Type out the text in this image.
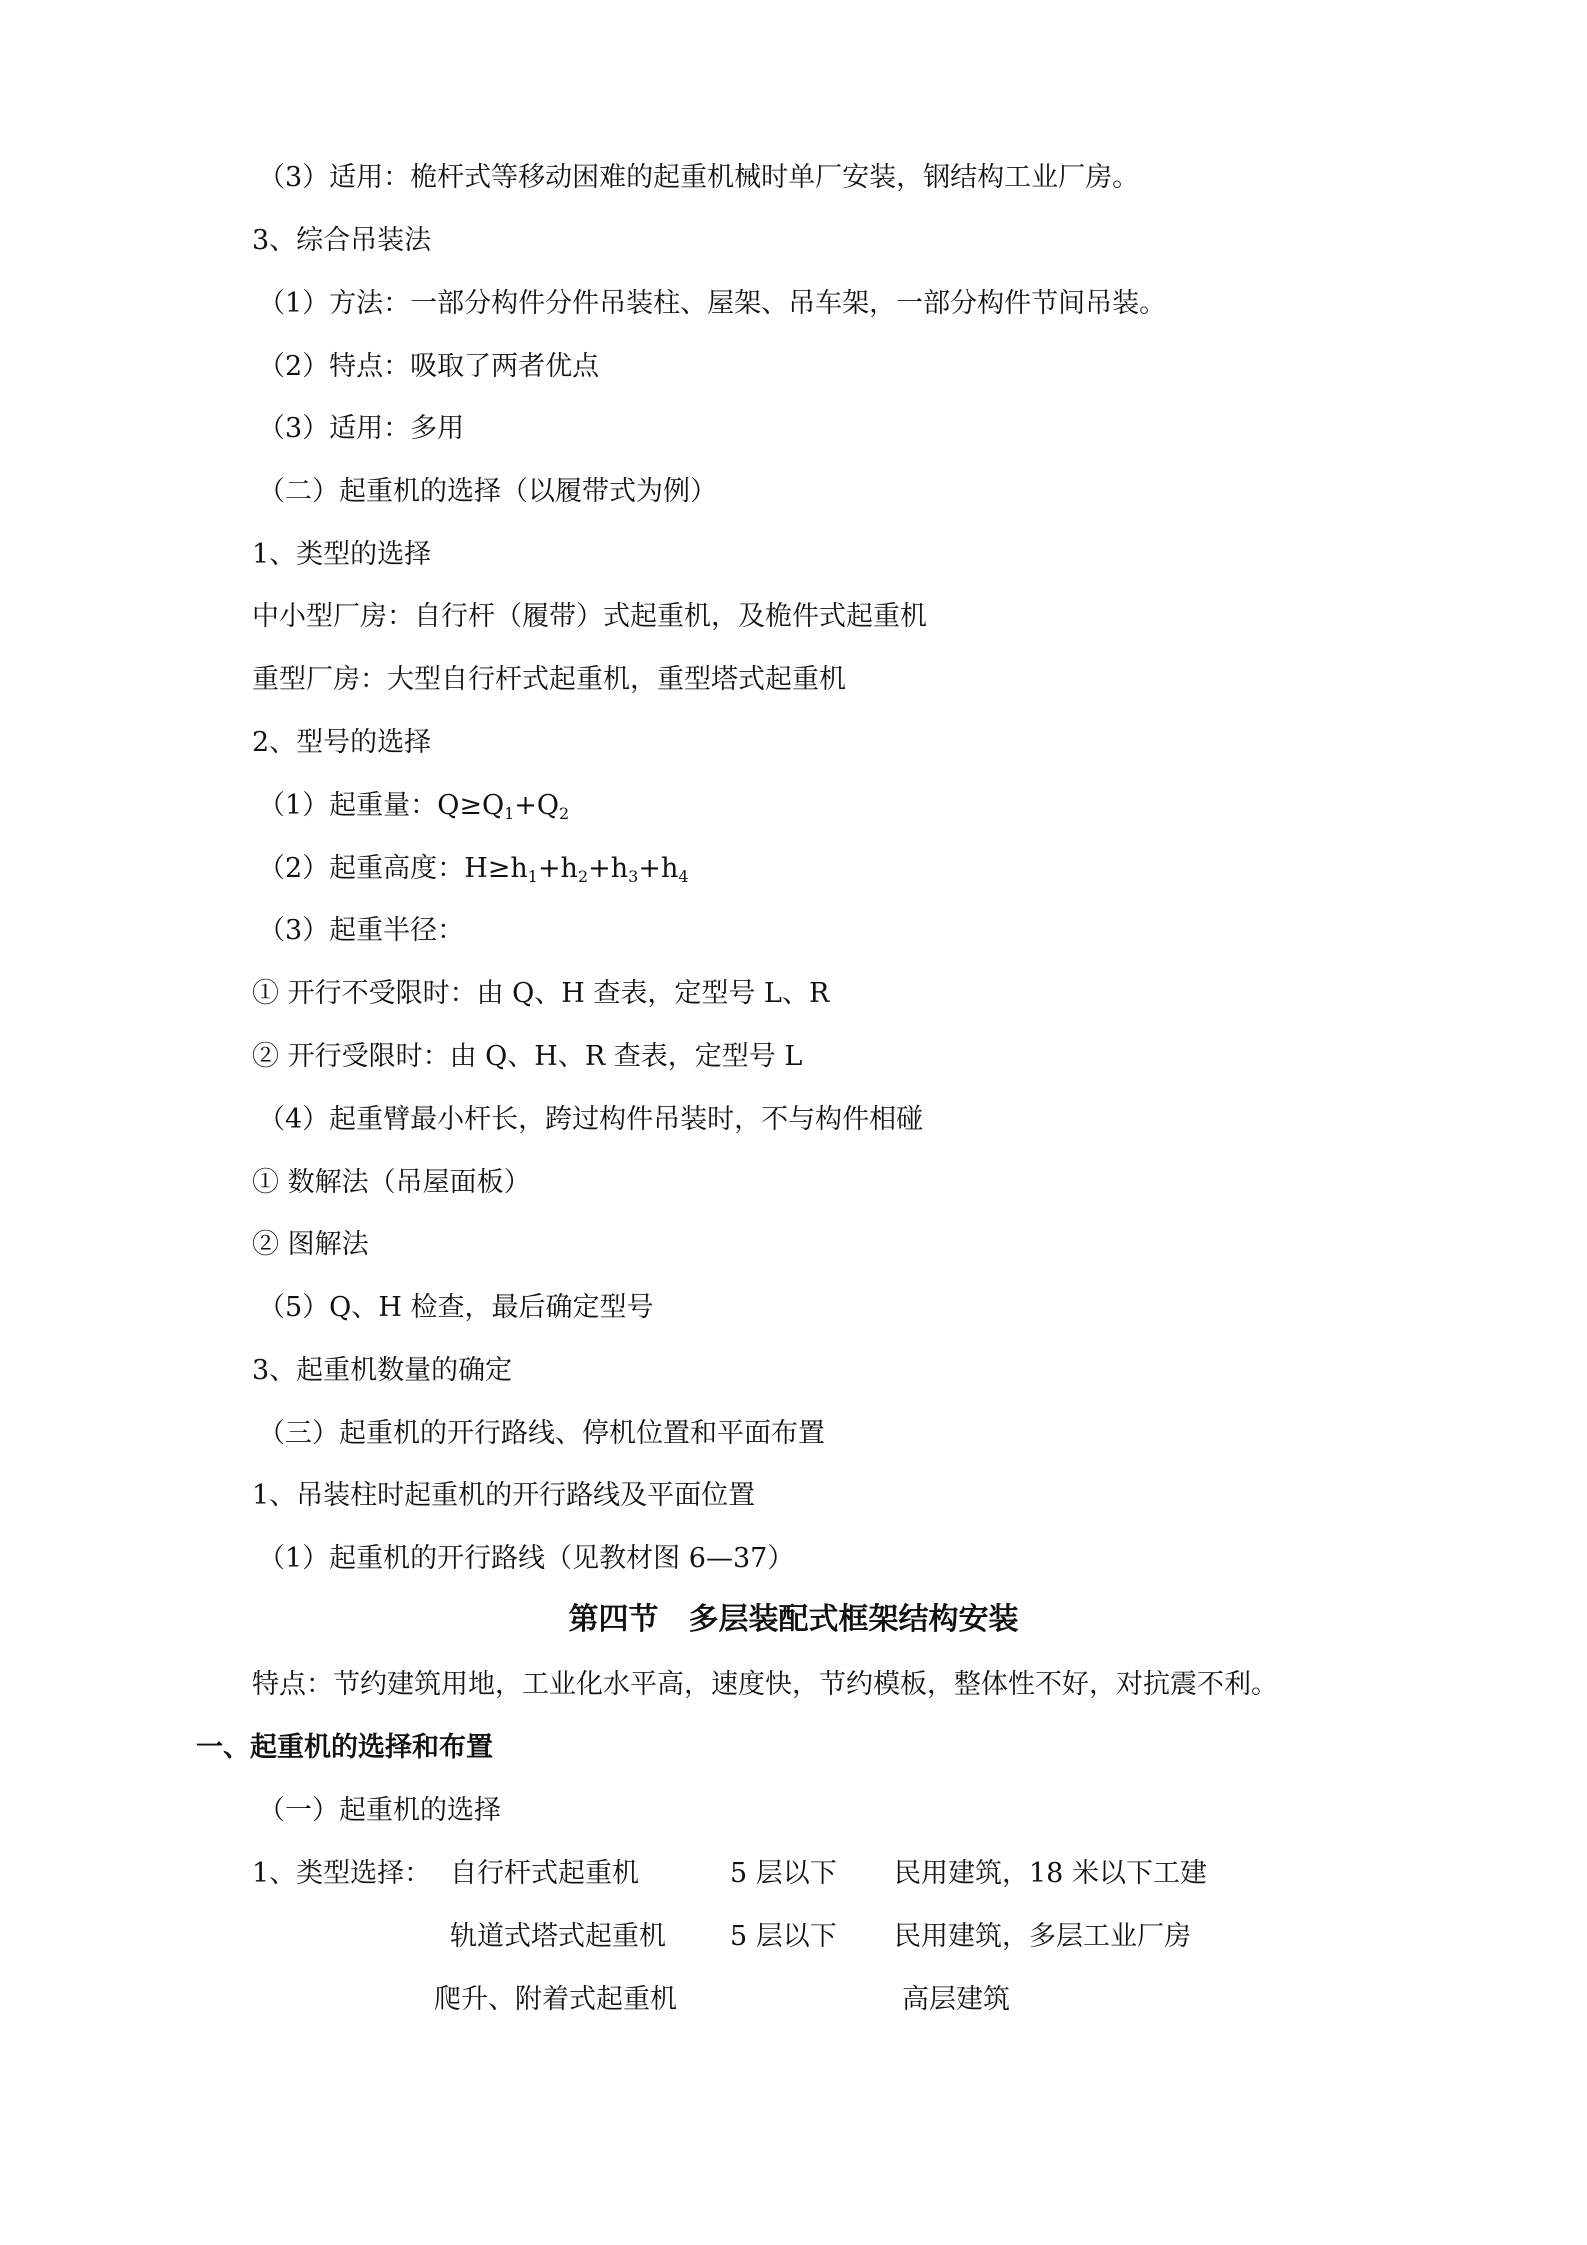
（3）适用：桅杆式等移动困难的起重机械时单厂安装，钢结构工业厂房。
3、综合吊装法
（1）方法：一部分构件分件吊装柱、屋架、吊车架，一部分构件节间吊装。
（2）特点：吸取了两者优点
（3）适用：多用
（二）起重机的选择（以履带式为例）
1、类型的选择
中小型厂房：自行杆（履带）式起重机，及桅件式起重机
重型厂房：大型自行杆式起重机，重型塔式起重机
2、型号的选择
（1）起重量：$Q\ge Q_1+Q_2$
（2）起重高度：$H\ge h_1+h_2+h_3+h_4$
（3）起重半径：
① 开行不受限时：由 Q、H 查表，定型号 L、R
② 开行受限时：由 Q、H、R 查表，定型号 L
（4）起重臂最小杆长，跨过构件吊装时，不与构件相碰
① 数解法（吊屋面板）
② 图解法
（5）Q、H 检查，最后确定型号
3、起重机数量的确定
（三）起重机的开行路线、停机位置和平面布置
1、吊装柱时起重机的开行路线及平面位置
（1）起重机的开行路线（见教材图 6—37）
第四节　多层装配式框架结构安装
特点：节约建筑用地，工业化水平高，速度快，节约模板，整体性不好，对抗震不利。
一、起重机的选择和布置
（一）起重机的选择
1、类型选择： 自行杆式起重机	5 层以下 民用建筑，18 米以下工建
轨道式塔式起重机 5 层以下 民用建筑，多层工业厂房
爬升、附着式起重机	高层建筑
